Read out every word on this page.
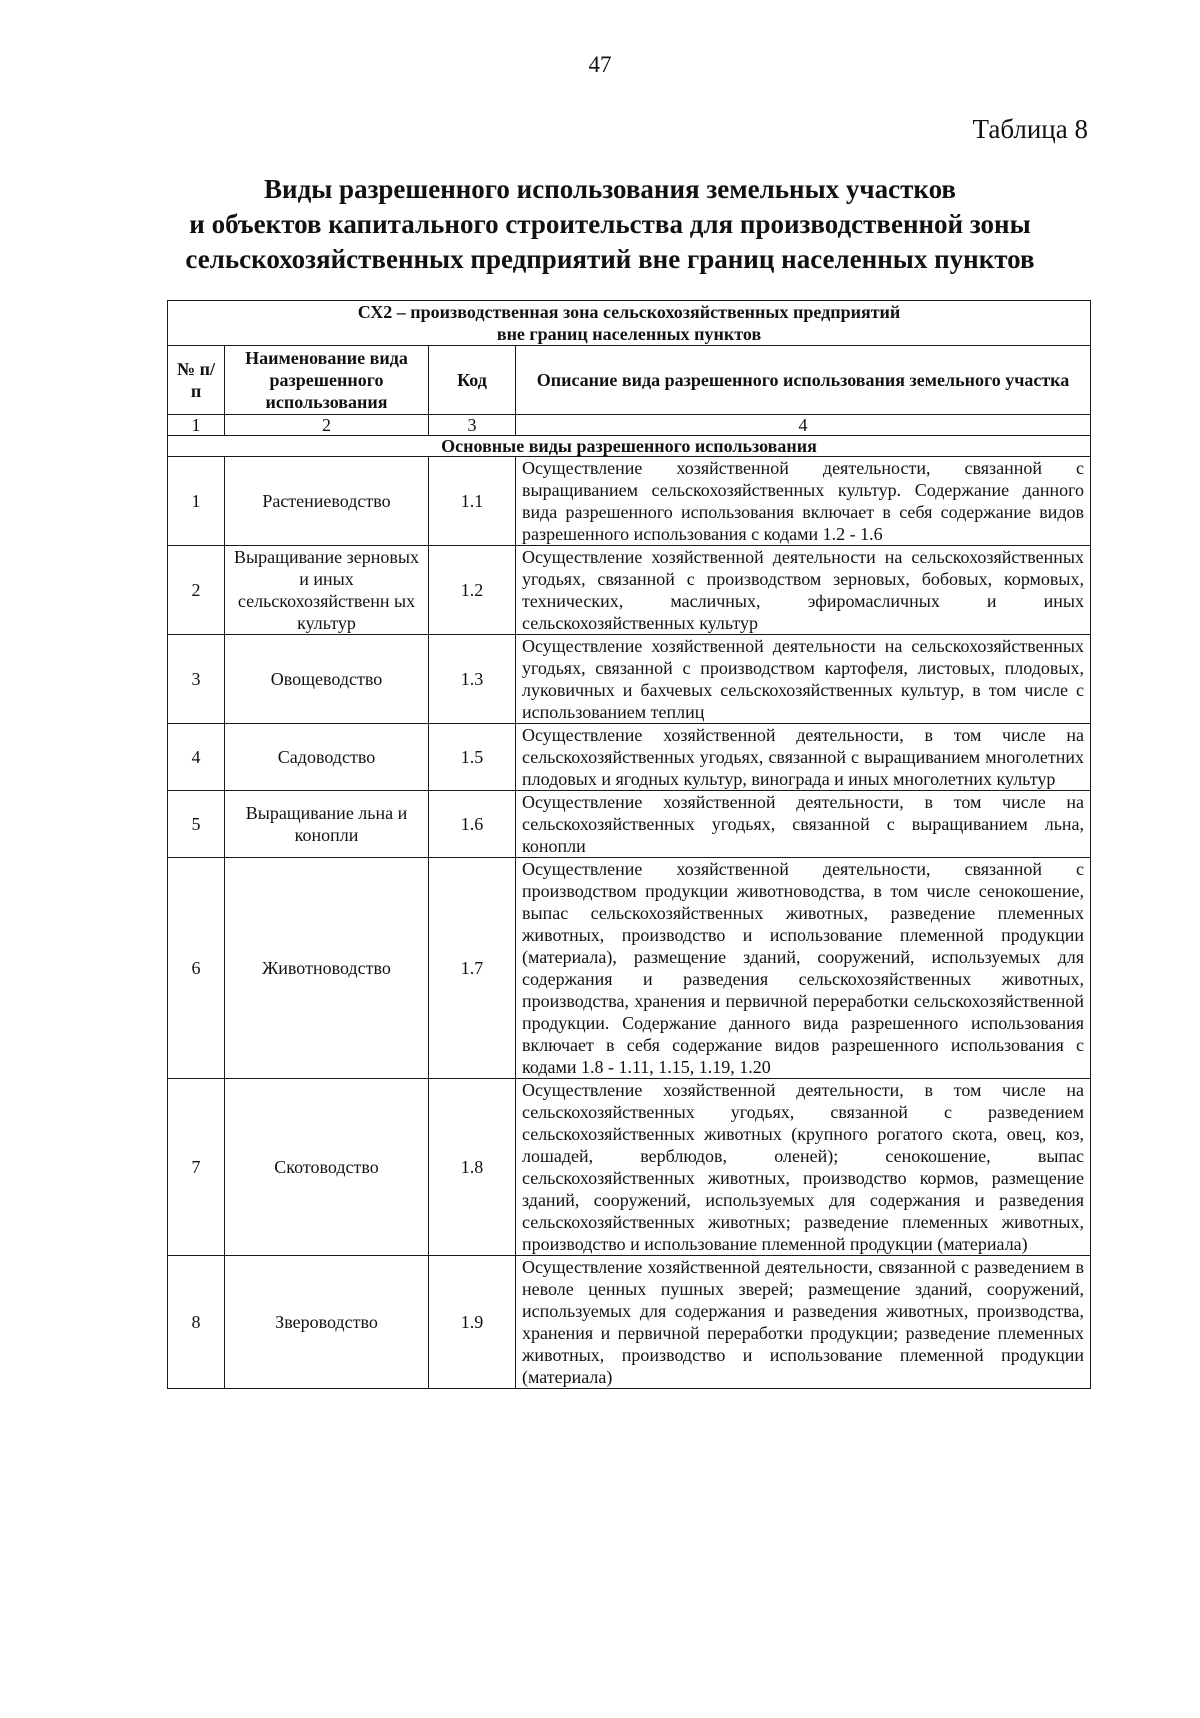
47
Таблица 8
Виды разрешенного использования земельных участков
и объектов капитального строительства для производственной зоны
сельскохозяйственных предприятий вне границ населенных пунктов
СХ2 – производственная зона сельскохозяйственных предприятий
вне границ населенных пунктов			

№ п/п	Наименование вида разрешенного использования	Код	Описание вида разрешенного использования земельного участка
1	2	3	4
Основные виды разрешенного использования			
1	Растениеводство	1.1	Осуществление хозяйственной деятельности, связанной с выращиванием сельскохозяйственных культур. Содержание данного вида разрешенного использования включает в себя содержание видов разрешенного использования с кодами 1.2 - 1.6
2	Выращивание зерновых и иных сельскохозяйственн ых культур	1.2	Осуществление хозяйственной деятельности на сельскохозяйственных угодьях, связанной с производством зерновых, бобовых, кормовых, технических, масличных, эфиромасличных и иных сельскохозяйственных культур
3	Овощеводство	1.3	Осуществление хозяйственной деятельности на сельскохозяйственных угодьях, связанной с производством картофеля, листовых, плодовых, луковичных и бахчевых сельскохозяйственных культур, в том числе с использованием теплиц
4	Садоводство	1.5	Осуществление хозяйственной деятельности, в том числе на сельскохозяйственных угодьях, связанной с выращиванием многолетних плодовых и ягодных культур, винограда и иных многолетних культур
5	Выращивание льна и конопли	1.6	Осуществление хозяйственной деятельности, в том числе на сельскохозяйственных угодьях, связанной с выращиванием льна, конопли
6	Животноводство	1.7	Осуществление хозяйственной деятельности, связанной с производством продукции животноводства, в том числе сенокошение, выпас сельскохозяйственных животных, разведение племенных животных, производство и использование племенной продукции (материала), размещение зданий, сооружений, используемых для содержания и разведения сельскохозяйственных животных, производства, хранения и первичной переработки сельскохозяйственной продукции. Содержание данного вида разрешенного использования включает в себя содержание видов разрешенного использования с кодами 1.8 - 1.11, 1.15, 1.19, 1.20
7	Скотоводство	1.8	Осуществление хозяйственной деятельности, в том числе на сельскохозяйственных угодьях, связанной с разведением сельскохозяйственных животных (крупного рогатого скота, овец, коз, лошадей, верблюдов, оленей); сенокошение, выпас сельскохозяйственных животных, производство кормов, размещение зданий, сооружений, используемых для содержания и разведения сельскохозяйственных животных; разведение племенных животных, производство и использование племенной продукции (материала)
8	Звероводство	1.9	Осуществление хозяйственной деятельности, связанной с разведением в неволе ценных пушных зверей; размещение зданий, сооружений, используемых для содержания и разведения животных, производства, хранения и первичной переработки продукции; разведение племенных животных, производство и использование племенной продукции (материала)
